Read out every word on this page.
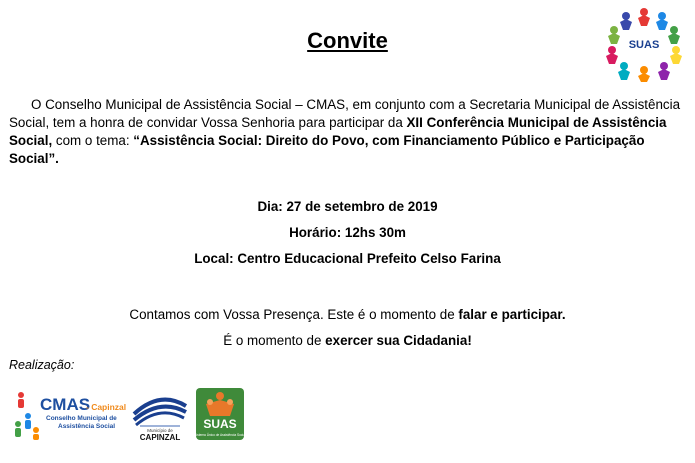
Convite	SUAS
O Conselho Municipal de Assistência Social – CMAS, em conjunto com a Secretaria Municipal de Assistência Social, tem a honra de convidar Vossa Senhoria para participar da XII Conferência Municipal de Assistência Social, com o tema: “Assistência Social: Direito do Povo, com Financiamento Público e Participação Social”.
Dia: 27 de setembro de 2019
Horário: 12hs 30m
Local: Centro Educacional Prefeito Celso Farina
Contamos com Vossa Presença. Este é o momento de falar e participar.
É o momento de exercer sua Cidadania!
Realização:
CMAS
- Capinzal
Conselho Municipal de
Assistência Social
Município de
CAPINZAL
SUAS
Sistema Único de Assistência Social
